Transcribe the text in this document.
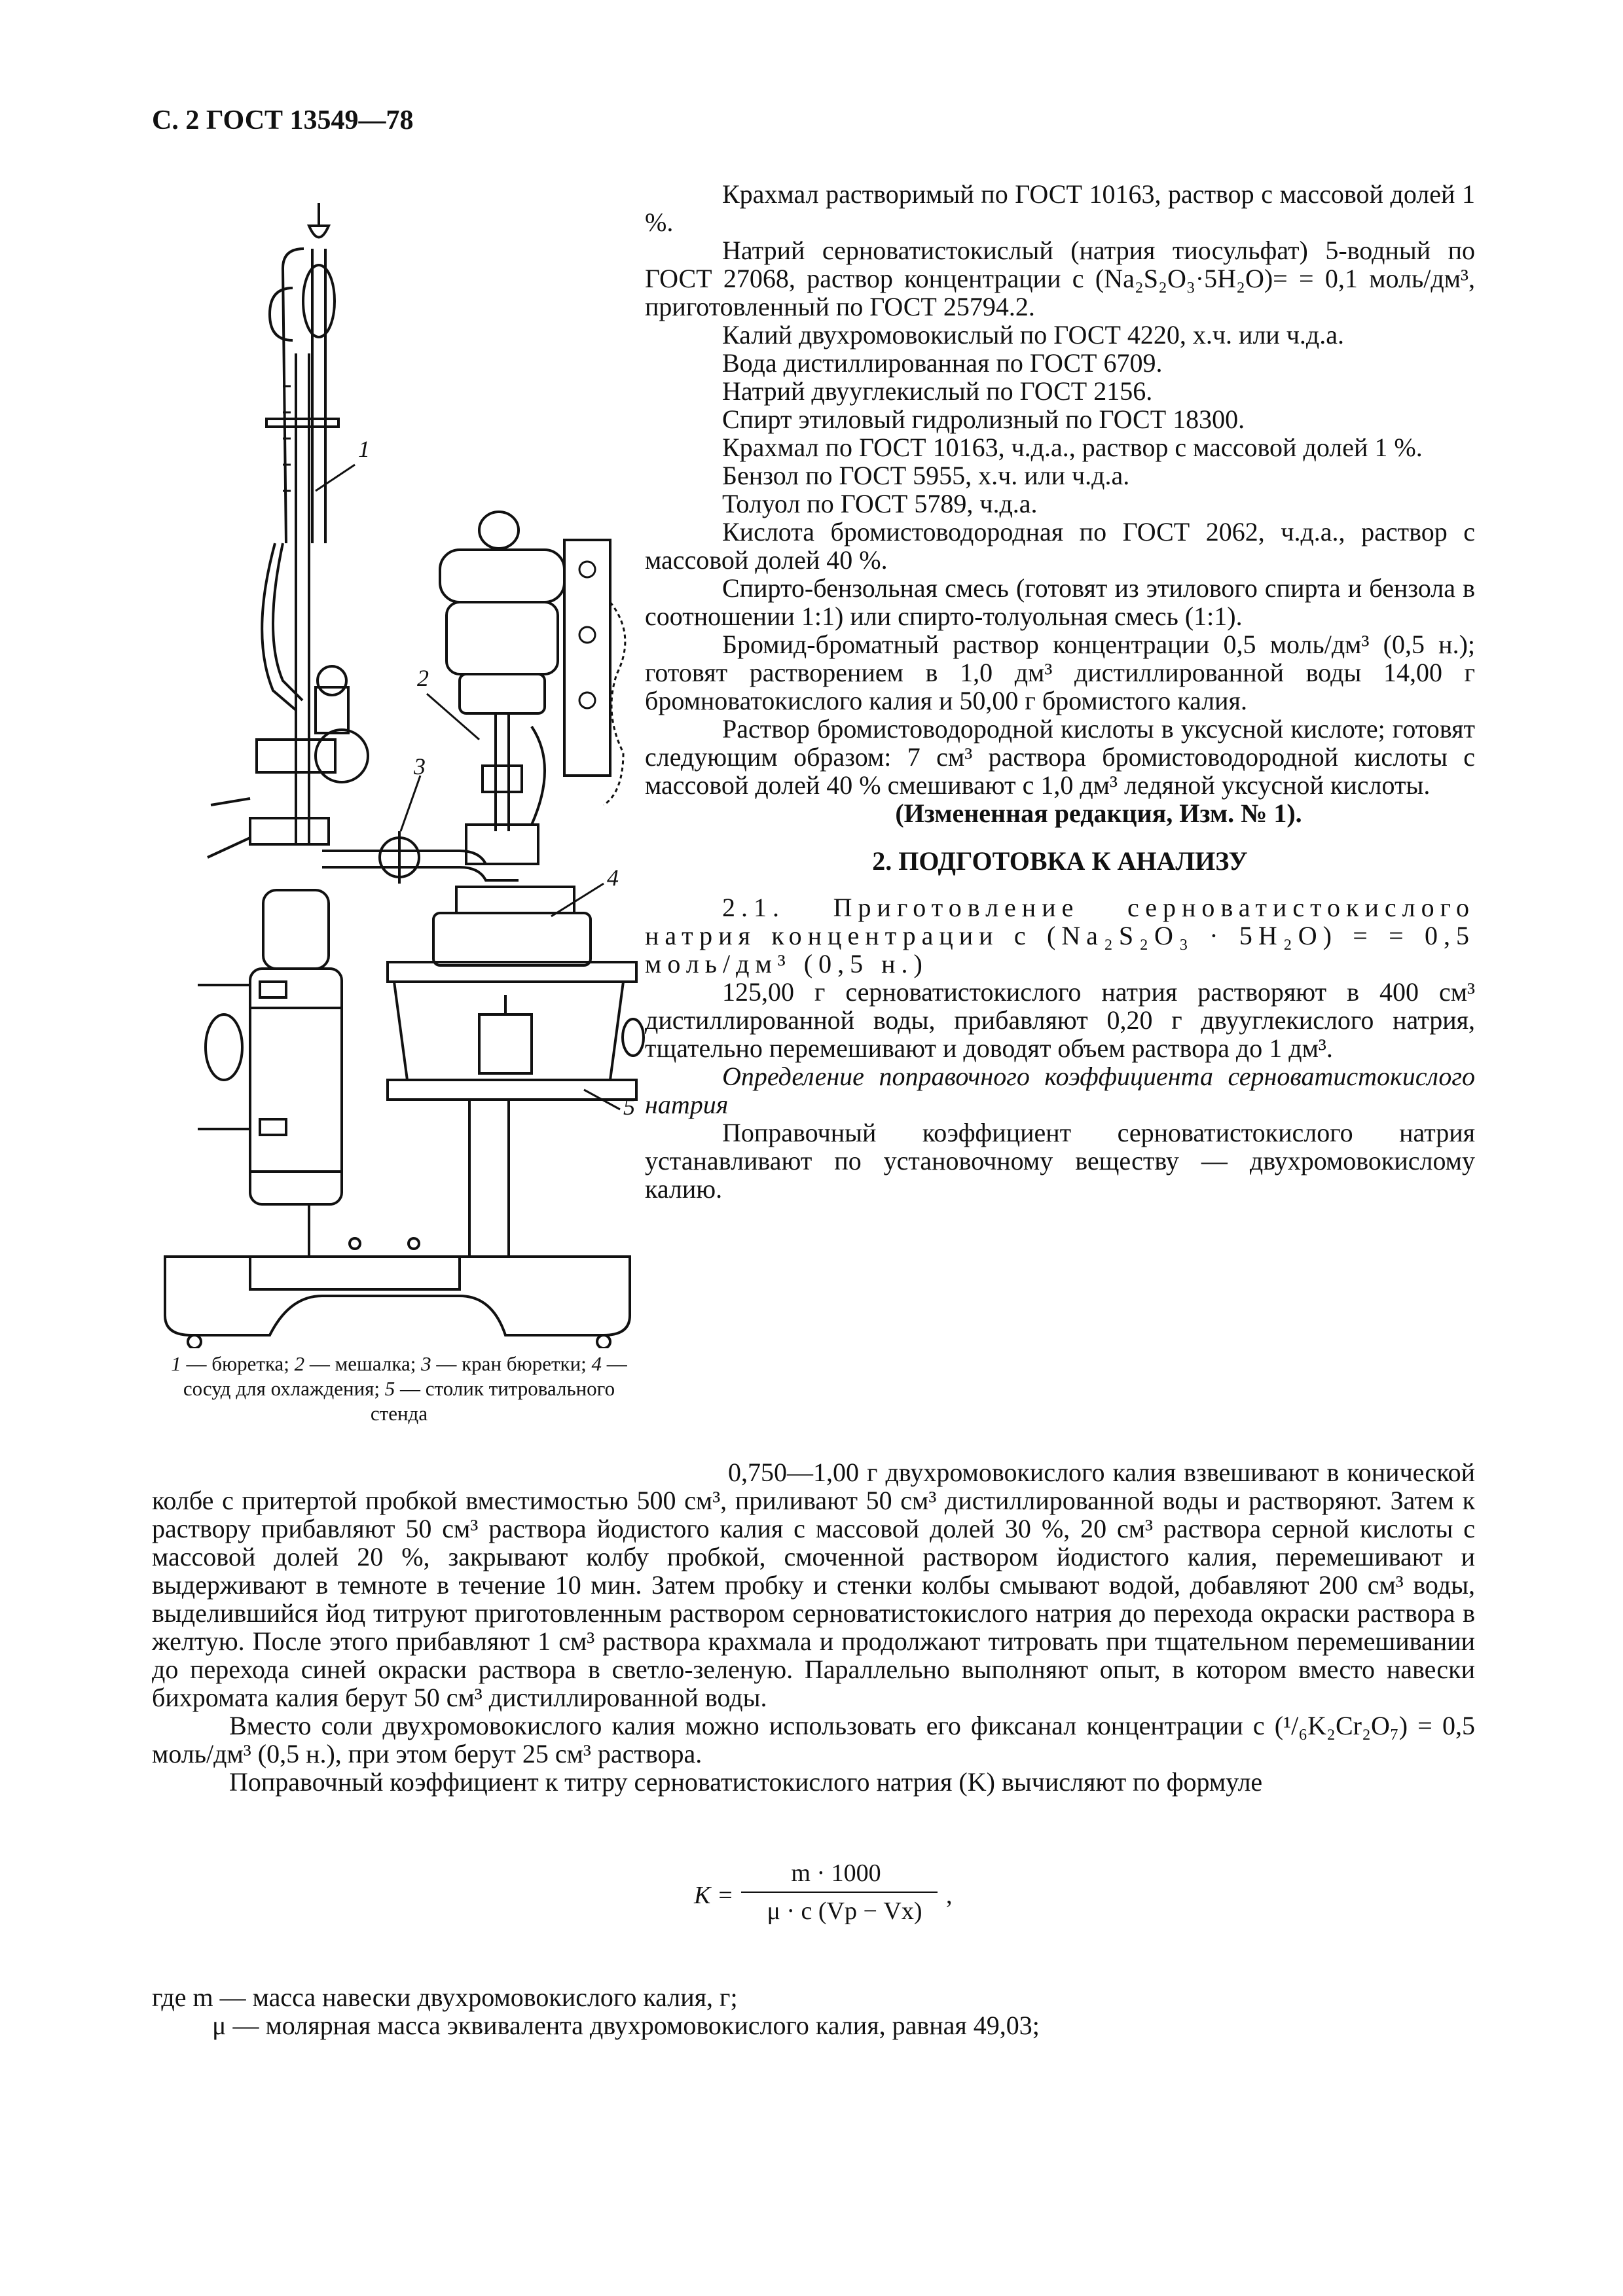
С. 2 ГОСТ 13549—78
1
2
3
4
5
1 — бюретка; 2 — мешалка; 3 — кран бюретки; 4 — сосуд для охлаждения; 5 — столик титровального стенда

Крахмал растворимый по ГОСТ 10163, раствор с массовой долей 1 %.

Натрий серноватистокислый (натрия тиосульфат) 5-водный по ГОСТ 27068, раствор концентрации c (Na₂S₂O₃·5H₂O)= = 0,1 моль/дм³, приготовленный по ГОСТ 25794.2.

Калий двухромовокислый по ГОСТ 4220, х.ч. или ч.д.а.

Вода дистиллированная по ГОСТ 6709.

Натрий двууглекислый по ГОСТ 2156.

Спирт этиловый гидролизный по ГОСТ 18300.

Крахмал по ГОСТ 10163, ч.д.а., раствор с массовой долей 1 %.

Бензол по ГОСТ 5955, х.ч. или ч.д.а.

Толуол по ГОСТ 5789, ч.д.а.

Кислота бромистоводородная по ГОСТ 2062, ч.д.а., раствор с массовой долей 40 %.

Спирто-бензольная смесь (готовят из этилового спирта и бензола в соотношении 1:1) или спирто-толуольная смесь (1:1).

Бромид-броматный раствор концентрации 0,5 моль/дм³ (0,5 н.); готовят растворением в 1,0 дм³ дистиллированной воды 14,00 г бромноватокислого калия и 50,00 г бромистого калия.

Раствор бромистоводородной кислоты в уксусной кислоте; готовят следующим образом: 7 см³ раствора бромистоводородной кислоты с массовой долей 40 % смешивают с 1,0 дм³ ледяной уксусной кислоты.

(Измененная редакция, Изм. № 1).

2. ПОДГОТОВКА К АНАЛИЗУ

2.1. Приготовление серноватистокислого натрия концентрации c (Na₂S₂O₃ · 5H₂O) = = 0,5 моль/дм³ (0,5 н.)

125,00 г серноватистокислого натрия растворяют в 400 см³ дистиллированной воды, прибавляют 0,20 г двууглекислого натрия, тщательно перемешивают и доводят объем раствора до 1 дм³.

Определение поправочного коэффициента серноватистокислого натрия

Поправочный коэффициент серноватистокислого натрия устанавливают по установочному веществу — двухромовокислому калию.

0,750—1,00 г двухромовокислого калия взвешивают в конической колбе с притертой пробкой вместимостью 500 см³, приливают 50 см³ дистиллированной воды и растворяют. Затем к раствору прибавляют 50 см³ раствора йодистого калия с массовой долей 30 %, 20 см³ раствора серной кислоты с массовой долей 20 %, закрывают колбу пробкой, смоченной раствором йодистого калия, перемешивают и выдерживают в темноте в течение 10 мин. Затем пробку и стенки колбы смывают водой, добавляют 200 см³ воды, выделившийся йод титруют приготовленным раствором серноватистокислого натрия до перехода окраски раствора в желтую. После этого прибавляют 1 см³ раствора крахмала и продолжают титровать при тщательном перемешивании до перехода синей окраски раствора в светло-зеленую. Параллельно выполняют опыт, в котором вместо навески бихромата калия берут 50 см³ дистиллированной воды.

Вместо соли двухромовокислого калия можно использовать его фиксанал концентрации c (¹/₆K₂Cr₂O₇) = 0,5 моль/дм³ (0,5 н.), при этом берут 25 см³ раствора.

Поправочный коэффициент к титру серноватистокислого натрия (K) вычисляют по формуле

K =
m · 1000
μ · c (Vр − Vх)
,

где m — масса навески двухромовокислого калия, г;

μ — молярная масса эквивалента двухромовокислого калия, равная 49,03;
